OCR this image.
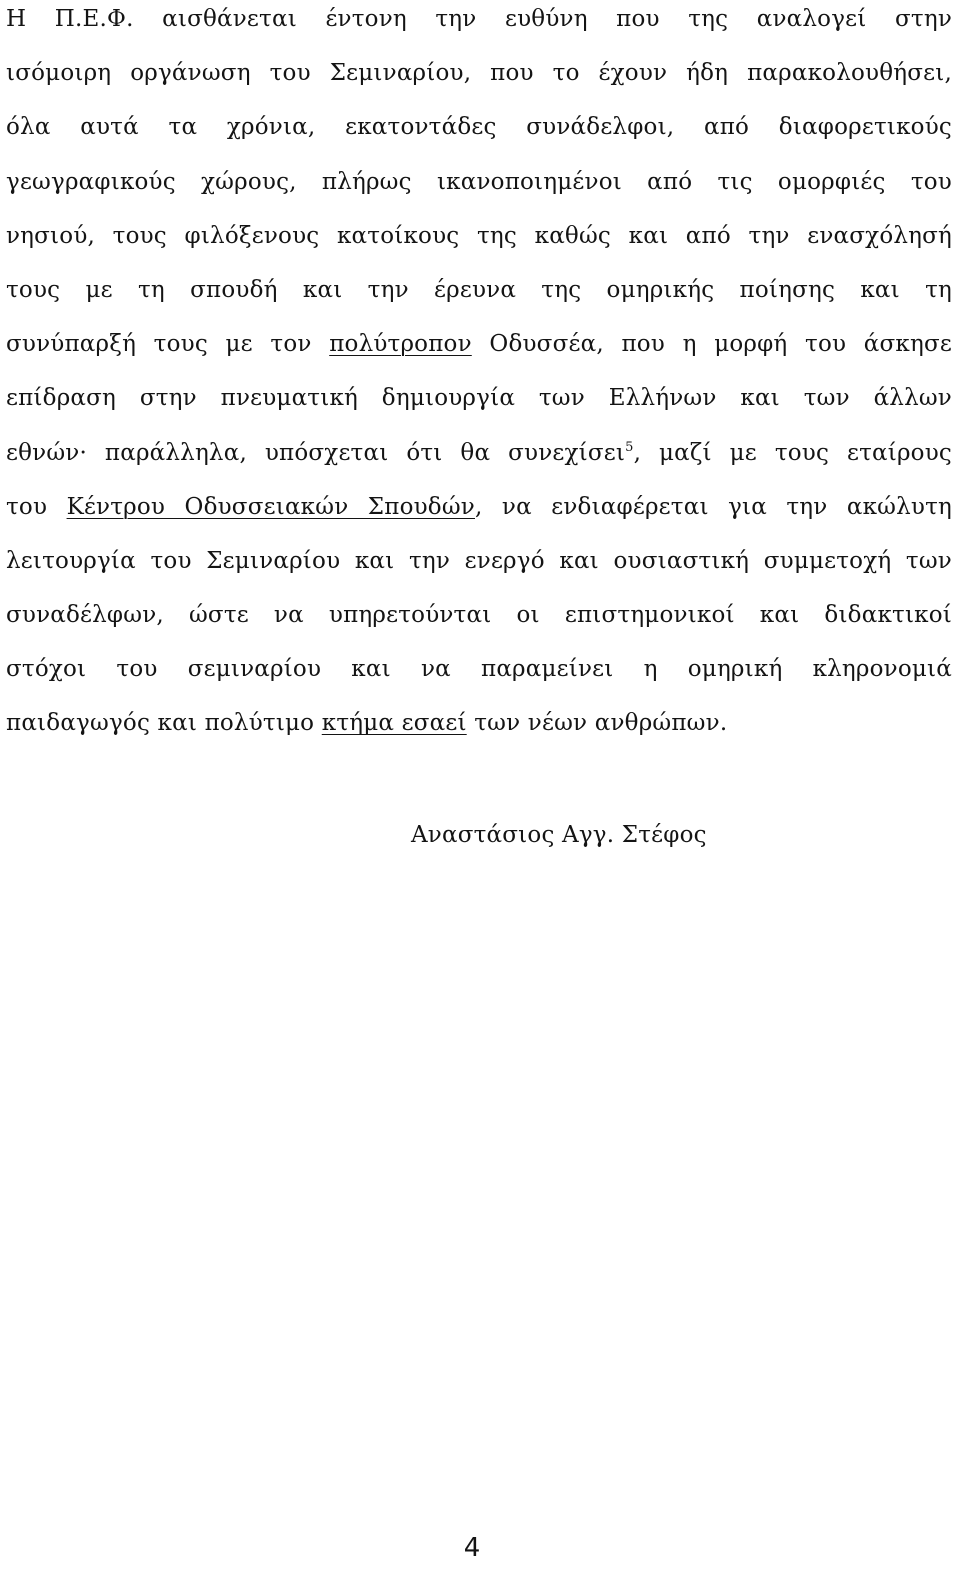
Η Π.Ε.Φ. αισθάνεται έντονη την ευθύνη που της αναλογεί στην
ισόμοιρη οργάνωση του Σεμιναρίου, που το έχουν ήδη παρακολουθήσει,
όλα αυτά τα χρόνια, εκατοντάδες συνάδελφοι, από διαφορετικούς
γεωγραφικούς χώρους, πλήρως ικανοποιημένοι από τις ομορφιές του
νησιού, τους φιλόξενους κατοίκους της καθώς και από την ενασχόλησή
τους με τη σπουδή και την έρευνα της ομηρικής ποίησης και τη
συνύπαρξή τους με τον πολύτροπον Οδυσσέα, που η μορφή του άσκησε
επίδραση στην πνευματική δημιουργία των Ελλήνων και των άλλων
εθνών· παράλληλα, υπόσχεται ότι θα συνεχίσει$^5$, μαζί με τους εταίρους
του Κέντρου Οδυσσειακών Σπουδών, να ενδιαφέρεται για την ακώλυτη
λειτουργία του Σεμιναρίου και την ενεργό και ουσιαστική συμμετοχή των
συναδέλφων, ώστε να υπηρετούνται οι επιστημονικοί και διδακτικοί
στόχοι του σεμιναρίου και να παραμείνει η ομηρική κληρονομιά
παιδαγωγός και πολύτιμο κτήμα εσαεί των νέων ανθρώπων.
Αναστάσιος Αγγ. Στέφος
4
